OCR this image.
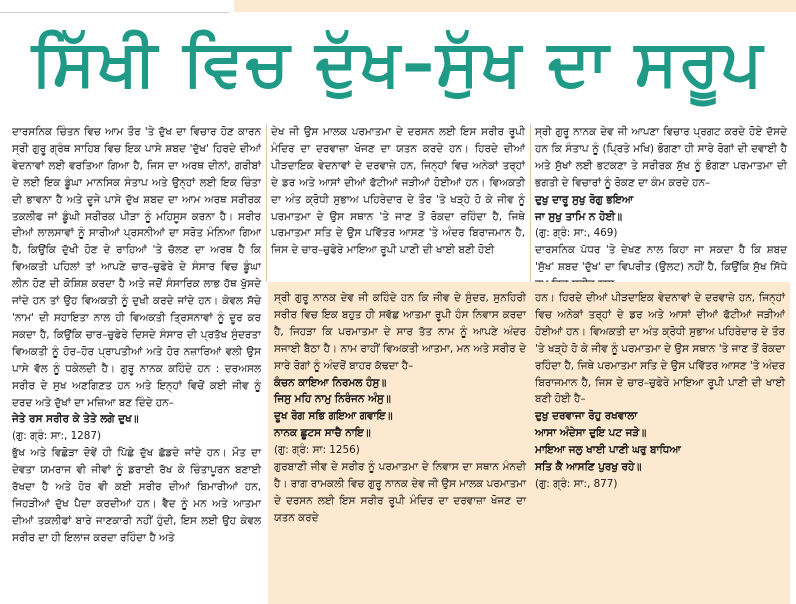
ਸਿੱਖੀ ਵਿਚ ਦੁੱਖ–ਸੁੱਖ ਦਾ ਸਰੂਪ

ਦਾਰਸਨਿਕ ਚਿੰਤਨ ਵਿਚ ਆਮ ਤੌਰ 'ਤੇ ਦੁੱਖ ਦਾ ਵਿਚਾਰ ਹੋਣ ਕਾਰਨ ਸ੍ਰੀ ਗੁਰੂ ਗ੍ਰੰਥ ਸਾਹਿਬ ਵਿਚ ਇਕ ਪਾਸੇ ਸ਼ਬਦ 'ਦੁੱਖ' ਹਿਰਦੇ ਦੀਆਂ ਵੇਦਨਾਵਾਂ ਲਈ ਵਰਤਿਆ ਗਿਆ ਹੈ, ਜਿਸ ਦਾ ਅਰਥ ਦੀਨਾਂ, ਗਰੀਬਾਂ ਦੇ ਲਈ ਇਕ ਡੂੰਘਾ ਮਾਨਸਿਕ ਸੰਤਾਪ ਅਤੇ ਉਨ੍ਹਾਂ ਲਈ ਇਕ ਚਿੰਤਾ ਦੀ ਭਾਵਨਾ ਹੈ ਅਤੇ ਦੂਜੇ ਪਾਸੇ ਦੁੱਖ ਸ਼ਬਦ ਦਾ ਆਮ ਅਰਥ ਸਰੀਰਕ ਤਕਲੀਫ ਜਾਂ ਡੂੰਘੀ ਸਰੀਰਕ ਪੀੜਾ ਨੂੰ ਮਹਿਸੂਸ ਕਰਨਾ ਹੈ। ਸਰੀਰ ਦੀਆਂ ਲਾਲਸਾਵਾਂ ਨੂੰ ਸਾਰੀਆਂ ਪ੍ਰਸਨੀਆਂ ਦਾ ਸਰੋਤ ਮੰਨਿਆ ਗਿਆ ਹੈ, ਕਿਉਂਕਿ ਦੁੱਖੀ ਹੋਣ ਦੇ ਰਾਹਿਆਂ 'ਤੇ ਚੱਲਣ ਦਾ ਅਰਥ ਹੈ ਕਿ ਵਿਅਕਤੀ ਪਹਿਲਾਂ ਤਾਂ ਆਪਣੇ ਚਾਰ–ਚੁਫੇਰੇ ਦੇ ਸੰਸਾਰ ਵਿਚ ਡੂੰਘਾ ਲੀਨ ਹੋਣ ਦੀ ਕੋਸ਼ਿਸ਼ ਕਰਦਾ ਹੈ ਅਤੇ ਜਦੋਂ ਸੰਸਾਰਿਕ ਲਾਭ ਹੱਥ ਖੁੱਸਦੇ ਜਾਂਦੇ ਹਨ ਤਾਂ ਉਹ ਵਿਅਕਤੀ ਨੂੰ ਦੁਖੀ ਕਰਦੇ ਜਾਂਦੇ ਹਨ। ਕੇਵਲ ਸੱਚੇ 'ਨਾਮ' ਦੀ ਸਹਾਇਤਾ ਨਾਲ ਹੀ ਵਿਅਕਤੀ ਤ੍ਰਿਸਨਾਵਾਂ ਨੂੰ ਦੂਰ ਕਰ ਸਕਦਾ ਹੈ, ਕਿਉਂਕਿ ਚਾਰ–ਚੁਫੇਰੇ ਦਿਸਦੇ ਸੰਸਾਰ ਦੀ ਪ੍ਰਤੱਖ ਸੁੰਦਰਤਾ ਵਿਅਕਤੀ ਨੂੰ ਹੋਰ–ਹੋਰ ਪ੍ਰਾਪਤੀਆਂ ਅਤੇ ਹੋਰ ਨਜ਼ਾਰਿਆਂ ਵਲੀ ਉਸ ਪਾਸੇ ਵੱਲ ਨੂੰ ਧਕੇਲਦੀ ਹੈ। ਗੁਰੂ ਨਾਨਕ ਕਹਿੰਦੇ ਹਨ : ਦਰਅਸਲ ਸਰੀਰ ਦੇ ਸੁਖ ਅਣਗਿਣਤ ਹਨ ਅਤੇ ਇਨ੍ਹਾਂ ਵਿਚੋਂ ਕਈ ਜੀਵ ਨੂੰ ਦਰਦ ਅਤੇ ਦੁੱਖਾਂ ਦਾ ਮਜ਼ਿਆ ਬਣ ਦਿੰਦੇ ਹਨ–

ਜੇਤੇ ਰਸ ਸਰੀਰ ਕੇ ਤੇਤੇ ਲਗੇ ਦੁਖ॥

(ਗੁ: ਗ੍ਰੰ: ਸਾ:, 1287)

ਭੁੱਖ ਅਤੇ ਵਿਛੋੜਾ ਦੋਵੇਂ ਹੀ ਪਿੱਛੇ ਦੁੱਖ ਛੱਡਦੇ ਜਾਂਦੇ ਹਨ। ਮੌਤ ਦਾ ਦੇਵਤਾ ਯਮਰਾਜ ਵੀ ਜੀਵਾਂ ਨੂੰ ਡਰਾਈ ਰੱਖ ਕੇ ਚਿੰਤਾਪੂਰਨ ਬਣਾਈ ਰੱਖਦਾ ਹੈ ਅਤੇ ਹੋਰ ਵੀ ਕਈ ਸਰੀਰ ਦੀਆਂ ਬਿਮਾਰੀਆਂ ਹਨ, ਜਿਹੜੀਆਂ ਦੁੱਖ ਪੈਦਾ ਕਰਦੀਆਂ ਹਨ। ਵੈਦ ਨੂੰ ਮਨ ਅਤੇ ਆਤਮਾ ਦੀਆਂ ਤਕਲੀਫਾਂ ਬਾਰੇ ਜਾਣਕਾਰੀ ਨਹੀਂ ਹੁੰਦੀ, ਇਸ ਲਈ ਉਹ ਕੇਵਲ ਸਰੀਰ ਦਾ ਹੀ ਇਲਾਜ ਕਰਦਾ ਰਹਿੰਦਾ ਹੈ ਅਤੇ

ਦੇਖ ਜੀ ਉਸ ਮਾਲਕ ਪਰਮਾਤਮਾ ਦੇ ਦਰਸਨ ਲਈ ਇਸ ਸਰੀਰ ਰੂਪੀ ਮੰਦਿਰ ਦਾ ਦਰਵਾਜ਼ਾ ਖੋਜਣ ਦਾ ਯਤਨ ਕਰਦੇ ਹਨ। ਹਿਰਦੇ ਦੀਆਂ ਪੀੜਦਾਇਕ ਵੇਦਨਾਵਾਂ ਦੇ ਦਰਵਾਜ਼ੇ ਹਨ, ਜਿਨ੍ਹਾਂ ਵਿਚ ਅਨੇਕਾਂ ਤਰ੍ਹਾਂ ਦੇ ਡਰ ਅਤੇ ਆਸਾਂ ਦੀਆਂ ਫੱਟੀਆਂ ਜੜੀਆਂ ਹੋਈਆਂ ਹਨ। ਵਿਅਕਤੀ ਦਾ ਅੰਤ ਕ੍ਰੋਧੀ ਸੁਭਾਅ ਪਹਿਰੇਦਾਰ ਦੇ ਤੌਰ 'ਤੇ ਖੜ੍ਹੇ ਹੋ ਕੇ ਜੀਵ ਨੂੰ ਪਰਮਾਤਮਾ ਦੇ ਉਸ ਸਥਾਨ 'ਤੇ ਜਾਣ ਤੋਂ ਰੋਕਦਾ ਰਹਿੰਦਾ ਹੈ, ਜਿਥੇ ਪਰਮਾਤਮਾ ਸਤਿ ਦੇ ਉਸ ਪਵਿੱਤਰ ਆਸਣ 'ਤੇ ਅੰਦਰ ਬਿਰਾਜਮਾਨ ਹੈ, ਜਿਸ ਦੇ ਚਾਰ–ਚੁਫੇਰੇ ਮਾਇਆ ਰੂਪੀ ਪਾਣੀ ਦੀ ਖਾਈ ਬਣੀ ਹੋਈ

ਸ੍ਰੀ ਗੁਰੂ ਨਾਨਕ ਦੇਵ ਜੀ ਆਪਣਾ ਵਿਚਾਰ ਪ੍ਰਗਟ ਕਰਦੇ ਹੋਏ ਦੱਸਦੇ ਹਨ ਕਿ ਸੰਤਾਪ ਨੂੰ (ਪ੍ਰਿਤੇ ਮਖਿ) ਭੋਗਣਾ ਹੀ ਸਾਰੇ ਰੋਗਾਂ ਦੀ ਦਵਾਈ ਹੈ ਅਤੇ ਸੁੱਖਾਂ ਲਈ ਭਟਕਣਾ ਤੇ ਸਰੀਰਕ ਸੁੱਖ ਨੂੰ ਭੋਗਣਾ ਪਰਮਾਤਮਾ ਦੀ ਭਗਤੀ ਦੇ ਵਿਚਾਰਾਂ ਨੂੰ ਰੋਕਣ ਦਾ ਕੰਮ ਕਰਦੇ ਹਨ–

ਦੁਖੁ ਦਾਰੂ ਸੁਖੁ ਰੋਗੁ ਭਇਆ

ਜਾ ਸੁਖੁ ਤਾਮਿ ਨ ਹੋਈ॥

(ਗੁ: ਗ੍ਰੰ: ਸਾ:, 469)

ਦਾਰਸਨਿਕ ਪੱਧਰ 'ਤੇ ਦੇਖਣ ਨਾਲ ਕਿਹਾ ਜਾ ਸਕਦਾ ਹੈ ਕਿ ਸ਼ਬਦ 'ਸੁੱਖ' ਸ਼ਬਦ 'ਦੁੱਖ' ਦਾ ਵਿਪਰੀਤ (ਉਲਟ) ਨਹੀਂ ਹੈ, ਕਿਉਂਕਿ ਸੁੱਖ ਸਿੱਧੇ

ਸ੍ਰੀ ਗੁਰੂ ਨਾਨਕ ਦੇਵ ਜੀ ਕਹਿੰਦੇ ਹਨ ਕਿ ਜੀਵ ਦੇ ਸੁੰਦਰ, ਸੁਨਹਿਰੀ ਸਰੀਰ ਵਿਚ ਇਕ ਬਹੁਤ ਹੀ ਸਵੱਛ ਆਤਮਾ ਰੂਪੀ ਹੰਸ ਨਿਵਾਸ ਕਰਦਾ ਹੈ, ਜਿਹੜਾ ਕਿ ਪਰਮਾਤਮਾ ਦੇ ਸਾਰ ਤੱਤ ਨਾਮ ਨੂੰ ਆਪਣੇ ਅੰਦਰ ਸਜਾਈ ਬੈਠਾ ਹੈ। ਨਾਮ ਰਾਹੀਂ ਵਿਅਕਤੀ ਆਤਮਾ, ਮਨ ਅਤੇ ਸਰੀਰ ਦੇ ਸਾਰੇ ਰੋਗਾਂ ਨੂੰ ਅੰਦਰੋਂ ਬਾਹਰ ਕੱਢਦਾ ਹੈ–

ਕੰਚਨ ਕਾਇਆ ਨਿਰਮਲ ਹੰਸੁ॥

ਜਿਸੁ ਮਹਿ ਨਾਮੁ ਨਿਰੰਜਨ ਅੰਸੁ॥

ਦੂਖ ਰੋਗ ਸਭਿ ਗਇਆ ਗਵਾਇ॥

ਨਾਨਕ ਛੂਟਸ ਸਾਚੈ ਨਾਇ॥

(ਗੁ: ਗ੍ਰੰ: ਸਾ: 1256)

ਗੁਰਬਾਣੀ ਜੀਵ ਦੇ ਸਰੀਰ ਨੂੰ ਪਰਮਾਤਮਾ ਦੇ ਨਿਵਾਸ ਦਾ ਸਥਾਨ ਮੰਨਦੀ ਹੈ। ਰਾਗ ਰਾਮਕਲੀ ਵਿਚ ਗੁਰੂ ਨਾਨਕ ਦੇਵ ਜੀ ਉਸ ਮਾਲਕ ਪਰਮਾਤਮਾ ਦੇ ਦਰਸਨ ਲਈ ਇਸ ਸਰੀਰ ਰੂਪੀ ਮੰਦਿਰ ਦਾ ਦਰਵਾਜ਼ਾ ਖੋਜਣ ਦਾ ਯਤਨ ਕਰਦੇ

ਹਨ। ਹਿਰਦੇ ਦੀਆਂ ਪੀੜਦਾਇਕ ਵੇਦਨਾਵਾਂ ਦੇ ਦਰਵਾਜ਼ੇ ਹਨ, ਜਿਨ੍ਹਾਂ ਵਿਚ ਅਨੇਕਾਂ ਤਰ੍ਹਾਂ ਦੇ ਡਰ ਅਤੇ ਆਸਾਂ ਦੀਆਂ ਫੱਟੀਆਂ ਜੜੀਆਂ ਹੋਈਆਂ ਹਨ। ਵਿਅਕਤੀ ਦਾ ਅੰਤ ਕ੍ਰੋਧੀ ਸੁਭਾਅ ਪਹਿਰੇਦਾਰ ਦੇ ਤੌਰ 'ਤੇ ਖੜ੍ਹੇ ਹੋ ਕੇ ਜੀਵ ਨੂੰ ਪਰਮਾਤਮਾ ਦੇ ਉਸ ਸਥਾਨ 'ਤੇ ਜਾਣ ਤੋਂ ਰੋਕਦਾ ਰਹਿੰਦਾ ਹੈ, ਜਿਥੇ ਪਰਮਾਤਮਾ ਸਤਿ ਦੇ ਉਸ ਪਵਿੱਤਰ ਆਸਣ 'ਤੇ ਅੰਦਰ ਬਿਰਾਜਮਾਨ ਹੈ, ਜਿਸ ਦੇ ਚਾਰ–ਚੁਫੇਰੇ ਮਾਇਆ ਰੂਪੀ ਪਾਣੀ ਦੀ ਖਾਈ ਬਣੀ ਹੋਈ ਹੈ–

ਦੁਖੁ ਦਰਵਾਜਾ ਰੋਹੁ ਰਖਵਾਲਾ

ਆਸਾ ਅੰਦੇਸਾ ਦੁਇ ਪਟ ਜੜੇ॥

ਮਾਇਆ ਜਲੁ ਖਾਈ ਪਾਣੀ ਘਰੁ ਬਾਧਿਆ

ਸਤਿ ਕੈ ਆਸਣਿ ਪੁਰਖੁ ਰਹੇ॥

(ਗੁ: ਗ੍ਰੰ: ਸਾ:, 877)
